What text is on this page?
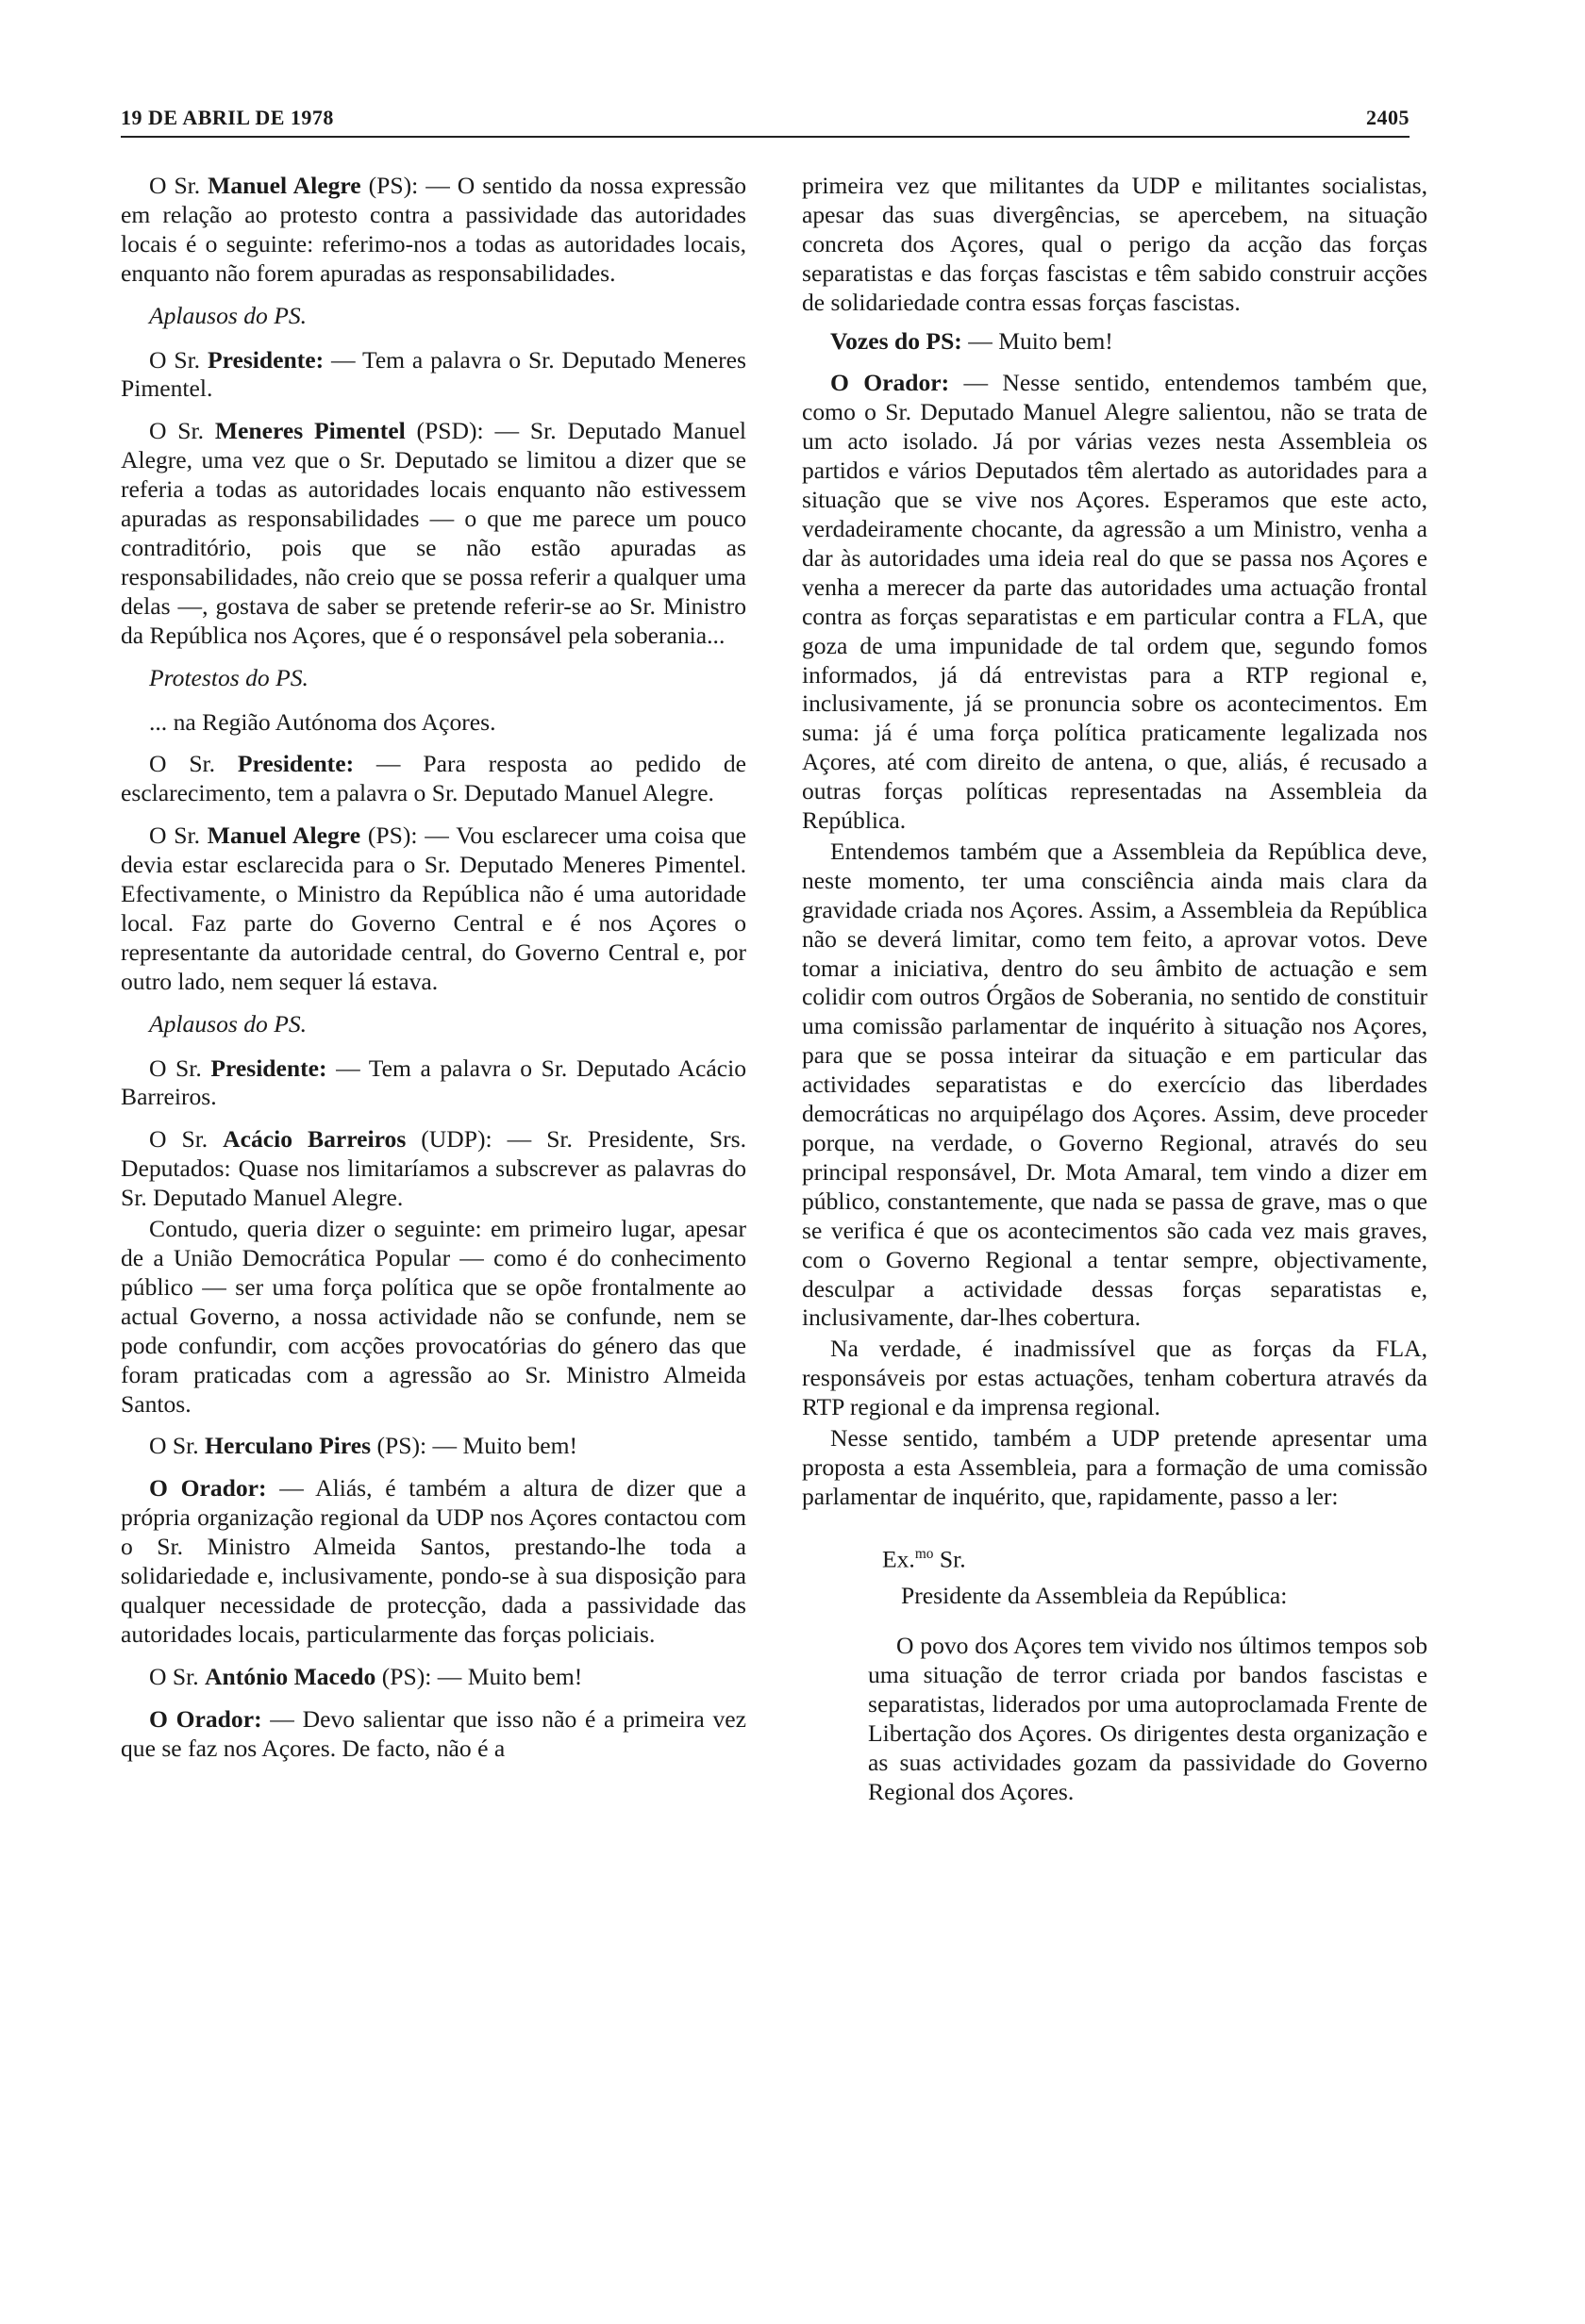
19 DE ABRIL DE 1978	2405

O Sr. Manuel Alegre (PS): — O sentido da nossa expressão em relação ao protesto contra a passividade das autoridades locais é o seguinte: referimo-nos a todas as autoridades locais, enquanto não forem apuradas as responsabilidades.

Aplausos do PS.

O Sr. Presidente: — Tem a palavra o Sr. Deputado Meneres Pimentel.

O Sr. Meneres Pimentel (PSD): — Sr. Deputado Manuel Alegre, uma vez que o Sr. Deputado se limitou a dizer que se referia a todas as autoridades locais enquanto não estivessem apuradas as responsabilidades — o que me parece um pouco contraditório, pois que se não estão apuradas as responsabilidades, não creio que se possa referir a qualquer uma delas —, gostava de saber se pretende referir-se ao Sr. Ministro da República nos Açores, que é o responsável pela soberania...

Protestos do PS.

... na Região Autónoma dos Açores.

O Sr. Presidente: — Para resposta ao pedido de esclarecimento, tem a palavra o Sr. Deputado Manuel Alegre.

O Sr. Manuel Alegre (PS): — Vou esclarecer uma coisa que devia estar esclarecida para o Sr. Deputado Meneres Pimentel. Efectivamente, o Ministro da República não é uma autoridade local. Faz parte do Governo Central e é nos Açores o representante da autoridade central, do Governo Central e, por outro lado, nem sequer lá estava.

Aplausos do PS.

O Sr. Presidente: — Tem a palavra o Sr. Deputado Acácio Barreiros.

O Sr. Acácio Barreiros (UDP): — Sr. Presidente, Srs. Deputados: Quase nos limitaríamos a subscrever as palavras do Sr. Deputado Manuel Alegre.

Contudo, queria dizer o seguinte: em primeiro lugar, apesar de a União Democrática Popular — como é do conhecimento público — ser uma força política que se opõe frontalmente ao actual Governo, a nossa actividade não se confunde, nem se pode confundir, com acções provocatórias do género das que foram praticadas com a agressão ao Sr. Ministro Almeida Santos.

O Sr. Herculano Pires (PS): — Muito bem!

O Orador: — Aliás, é também a altura de dizer que a própria organização regional da UDP nos Açores contactou com o Sr. Ministro Almeida Santos, prestando-lhe toda a solidariedade e, inclusivamente, pondo-se à sua disposição para qualquer necessidade de protecção, dada a passividade das autoridades locais, particularmente das forças policiais.

O Sr. António Macedo (PS): — Muito bem!

O Orador: — Devo salientar que isso não é a primeira vez que se faz nos Açores. De facto, não é a

primeira vez que militantes da UDP e militantes socialistas, apesar das suas divergências, se apercebem, na situação concreta dos Açores, qual o perigo da acção das forças separatistas e das forças fascistas e têm sabido construir acções de solidariedade contra essas forças fascistas.

Vozes do PS: — Muito bem!

O Orador: — Nesse sentido, entendemos também que, como o Sr. Deputado Manuel Alegre salientou, não se trata de um acto isolado. Já por várias vezes nesta Assembleia os partidos e vários Deputados têm alertado as autoridades para a situação que se vive nos Açores. Esperamos que este acto, verdadeiramente chocante, da agressão a um Ministro, venha a dar às autoridades uma ideia real do que se passa nos Açores e venha a merecer da parte das autoridades uma actuação frontal contra as forças separatistas e em particular contra a FLA, que goza de uma impunidade de tal ordem que, segundo fomos informados, já dá entrevistas para a RTP regional e, inclusivamente, já se pronuncia sobre os acontecimentos. Em suma: já é uma força política praticamente legalizada nos Açores, até com direito de antena, o que, aliás, é recusado a outras forças políticas representadas na Assembleia da República.

Entendemos também que a Assembleia da República deve, neste momento, ter uma consciência ainda mais clara da gravidade criada nos Açores. Assim, a Assembleia da República não se deverá limitar, como tem feito, a aprovar votos. Deve tomar a iniciativa, dentro do seu âmbito de actuação e sem colidir com outros Órgãos de Soberania, no sentido de constituir uma comissão parlamentar de inquérito à situação nos Açores, para que se possa inteirar da situação e em particular das actividades separatistas e do exercício das liberdades democráticas no arquipélago dos Açores. Assim, deve proceder porque, na verdade, o Governo Regional, através do seu principal responsável, Dr. Mota Amaral, tem vindo a dizer em público, constantemente, que nada se passa de grave, mas o que se verifica é que os acontecimentos são cada vez mais graves, com o Governo Regional a tentar sempre, objectivamente, desculpar a actividade dessas forças separatistas e, inclusivamente, dar-lhes cobertura.

Na verdade, é inadmissível que as forças da FLA, responsáveis por estas actuações, tenham cobertura através da RTP regional e da imprensa regional.

Nesse sentido, também a UDP pretende apresentar uma proposta a esta Assembleia, para a formação de uma comissão parlamentar de inquérito, que, rapidamente, passo a ler:

Ex.$^{mo}$ Sr.
Presidente da Assembleia da República:

O povo dos Açores tem vivido nos últimos tempos sob uma situação de terror criada por bandos fascistas e separatistas, liderados por uma autoproclamada Frente de Libertação dos Açores. Os dirigentes desta organização e as suas actividades gozam da passividade do Governo Regional dos Açores.
